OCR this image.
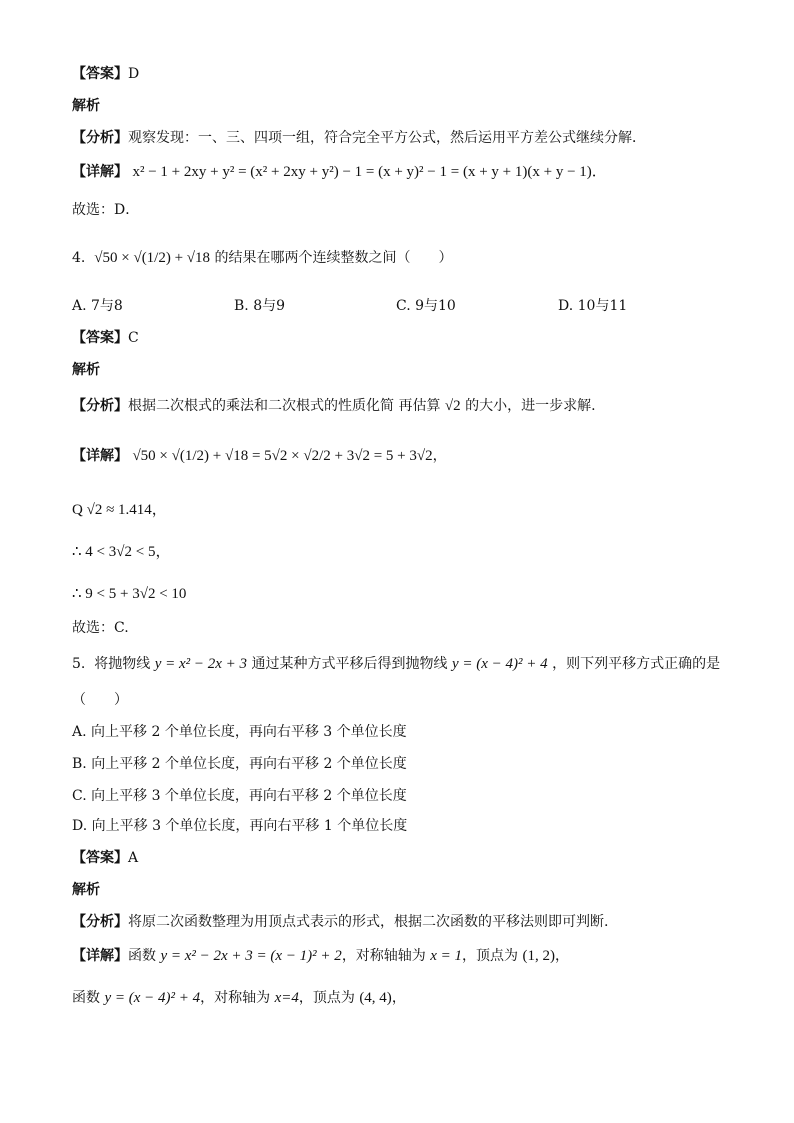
【答案】D
解析
【分析】观察发现：一、三、四项一组，符合完全平方公式，然后运用平方差公式继续分解．
【详解】 x² − 1 + 2xy + y² = (x² + 2xy + y²) − 1 = (x + y)² − 1 = (x + y + 1)(x + y − 1)．
故选：D．
4. √50 × √(1/2) + √18 的结果在哪两个连续整数之间（　　）
A. 7与8	B. 8与9	C. 9与10	D. 10与11
【答案】C
解析
【分析】根据二次根式的乘法和二次根式的性质化简 再估算 √2 的大小，进一步求解.
【详解】 √50 × √(1/2) + √18 = 5√2 × √2/2 + 3√2 = 5 + 3√2，
Q √2 ≈ 1.414，
∴ 4 < 3√2 < 5，
∴ 9 < 5 + 3√2 < 10
故选：C.
5. 将抛物线 y = x² − 2x + 3 通过某种方式平移后得到抛物线 y = (x − 4)² + 4 ，则下列平移方式正确的是
（　　）
A. 向上平移 2 个单位长度，再向右平移 3 个单位长度
B. 向上平移 2 个单位长度，再向右平移 2 个单位长度
C. 向上平移 3 个单位长度，再向右平移 2 个单位长度
D. 向上平移 3 个单位长度，再向右平移 1 个单位长度
【答案】A
解析
【分析】将原二次函数整理为用顶点式表示的形式，根据二次函数的平移法则即可判断.
【详解】函数 y = x² − 2x + 3 = (x − 1)² + 2，对称轴轴为 x = 1，顶点为 (1, 2)，
函数 y = (x − 4)² + 4，对称轴为 x=4，顶点为 (4, 4)，
